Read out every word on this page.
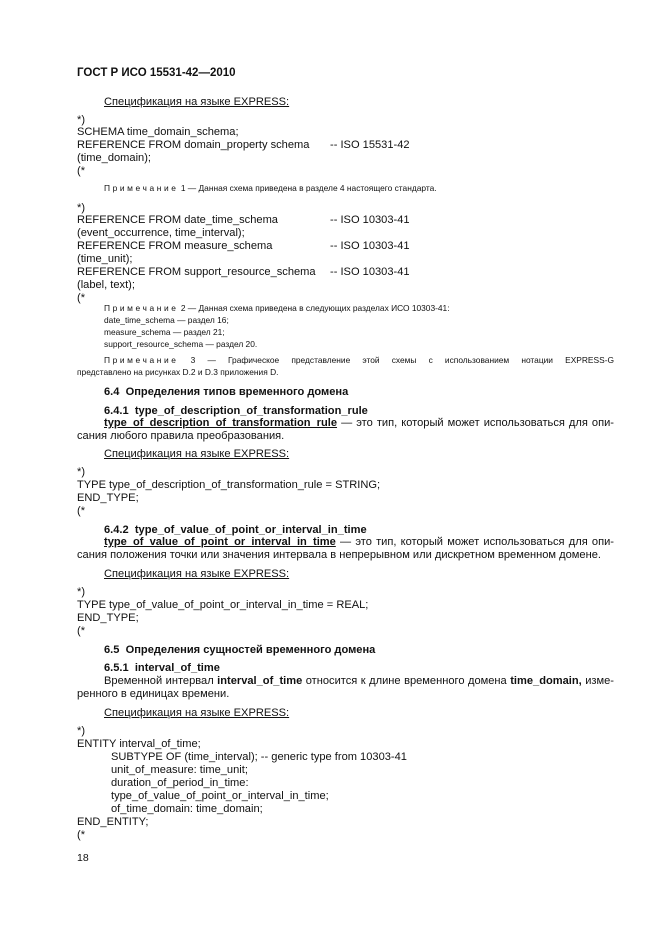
ГОСТ Р ИСО 15531-42—2010
Спецификация на языке EXPRESS:
*)
SCHEMA time_domain_schema;
REFERENCE FROM domain_property schema -- ISO 15531-42
(time_domain);
(*
Примечание 1 — Данная схема приведена в разделе 4 настоящего стандарта.
*)
REFERENCE FROM date_time_schema	-- ISO 10303-41
(event_occurrence, time_interval);
REFERENCE FROM measure_schema	-- ISO 10303-41
(time_unit);
REFERENCE FROM support_resource_schema -- ISO 10303-41
(label, text);
(*
Примечание 2 — Данная схема приведена в следующих разделах ИСО 10303-41:
date_time_schema — раздел 16;
measure_schema — раздел 21;
support_resource_schema — раздел 20.
Примечание 3 — Графическое представление этой схемы с использованием нотации EXPRESS-G
представлено на рисунках D.2 и D.3 приложения D.
6.4  Определения типов временного домена
6.4.1  type_of_description_of_transformation_rule
type_of_description_of_transformation_rule — это тип, который может использоваться для опи-
сания любого правила преобразования.
Спецификация на языке EXPRESS:
*)
TYPE type_of_description_of_transformation_rule = STRING;
END_TYPE;
(*
6.4.2  type_of_value_of_point_or_interval_in_time
type_of_value_of_point_or_interval_in_time — это тип, который может использоваться для опи-
сания положения точки или значения интервала в непрерывном или дискретном временном домене.
Спецификация на языке EXPRESS:
*)
TYPE type_of_value_of_point_or_interval_in_time = REAL;
END_TYPE;
(*
6.5  Определения сущностей временного домена
6.5.1  interval_of_time
Временной интервал interval_of_time относится к длине временного домена time_domain, изме-
ренного в единицах времени.
Спецификация на языке EXPRESS:
*)
ENTITY interval_of_time;
SUBTYPE OF (time_interval); -- generic type from 10303-41
unit_of_measure: time_unit;
duration_of_period_in_time:
type_of_value_of_point_or_interval_in_time;
of_time_domain: time_domain;
END_ENTITY;
(*
18
